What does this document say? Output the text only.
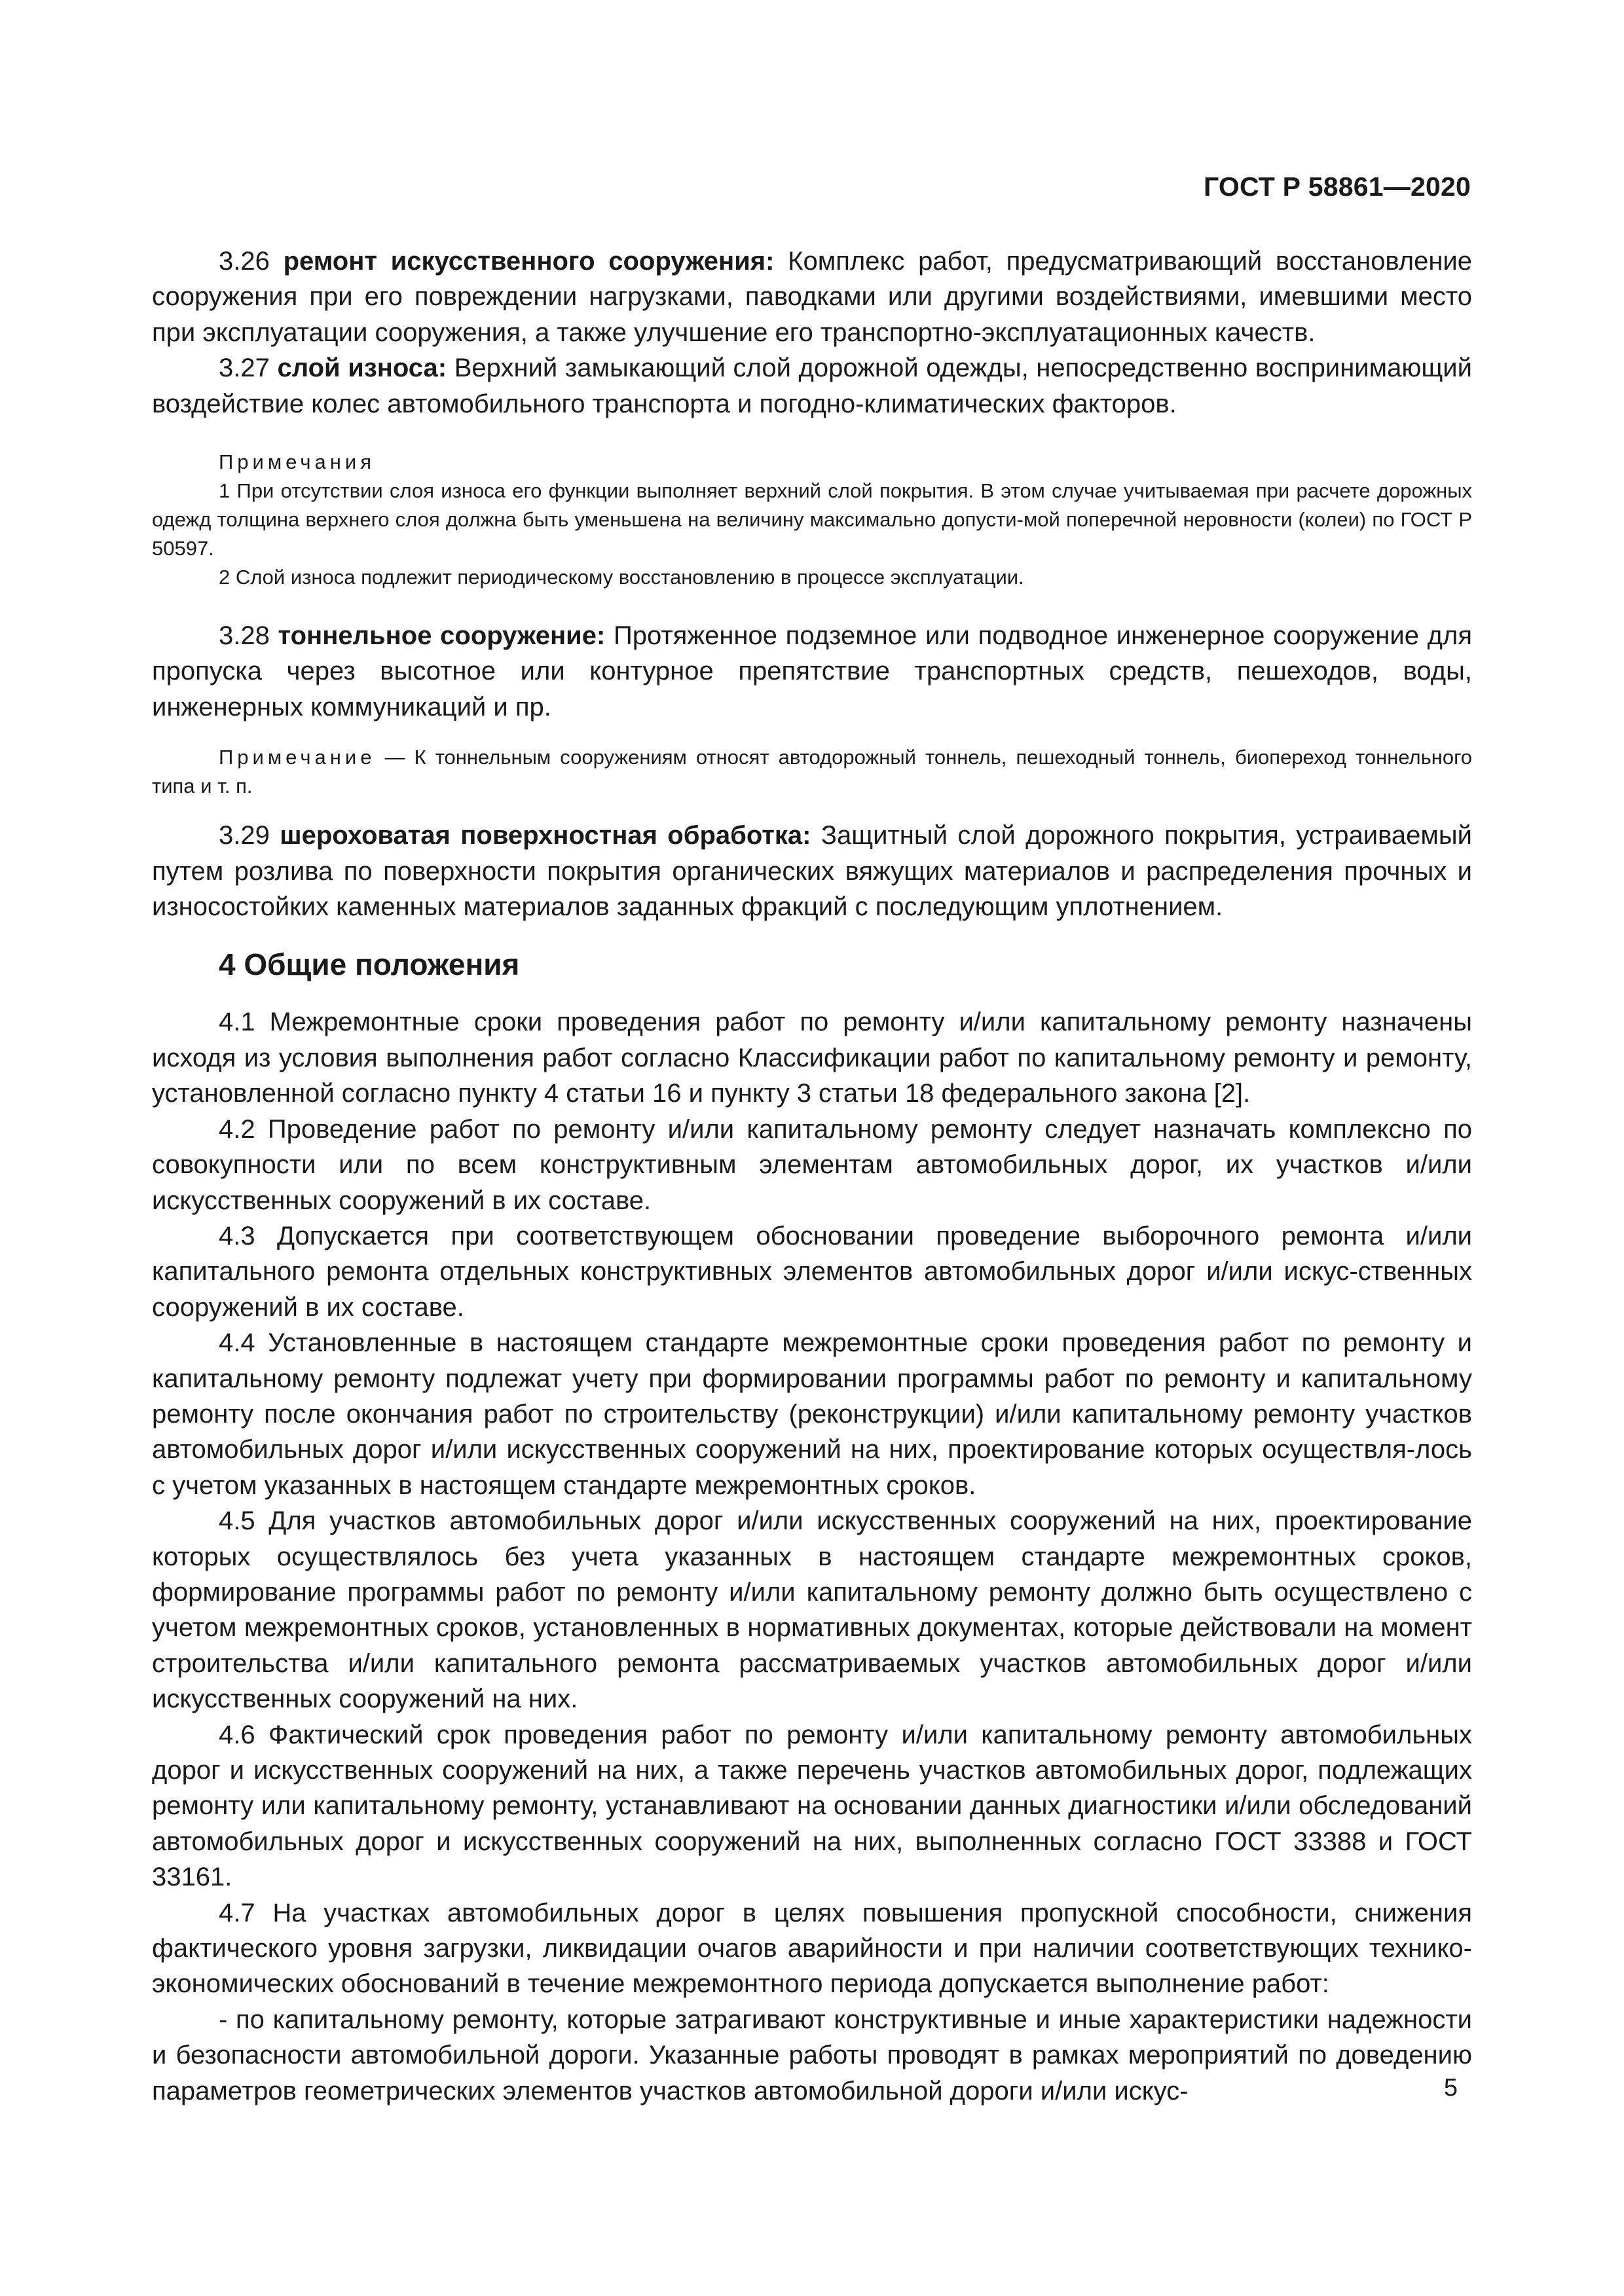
ГОСТ Р 58861—2020

3.26 ремонт искусственного сооружения: Комплекс работ, предусматривающий восстановление сооружения при его повреждении нагрузками, паводками или другими воздействиями, имевшими место при эксплуатации сооружения, а также улучшение его транспортно-эксплуатационных качеств.

3.27 слой износа: Верхний замыкающий слой дорожной одежды, непосредственно воспринимающий воздействие колес автомобильного транспорта и погодно-климатических факторов.

Примечания

1 При отсутствии слоя износа его функции выполняет верхний слой покрытия. В этом случае учитываемая при расчете дорожных одежд толщина верхнего слоя должна быть уменьшена на величину максимально допусти-мой поперечной неровности (колеи) по ГОСТ Р 50597.

2 Слой износа подлежит периодическому восстановлению в процессе эксплуатации.

3.28 тоннельное сооружение: Протяженное подземное или подводное инженерное сооружение для пропуска через высотное или контурное препятствие транспортных средств, пешеходов, воды, инженерных коммуникаций и пр.

Примечание — К тоннельным сооружениям относят автодорожный тоннель, пешеходный тоннель, биопереход тоннельного типа и т. п.

3.29 шероховатая поверхностная обработка: Защитный слой дорожного покрытия, устраиваемый путем розлива по поверхности покрытия органических вяжущих материалов и распределения прочных и износостойких каменных материалов заданных фракций с последующим уплотнением.

4 Общие положения

4.1 Межремонтные сроки проведения работ по ремонту и/или капитальному ремонту назначены исходя из условия выполнения работ согласно Классификации работ по капитальному ремонту и ремонту, установленной согласно пункту 4 статьи 16 и пункту 3 статьи 18 федерального закона [2].

4.2 Проведение работ по ремонту и/или капитальному ремонту следует назначать комплексно по совокупности или по всем конструктивным элементам автомобильных дорог, их участков и/или искусственных сооружений в их составе.

4.3 Допускается при соответствующем обосновании проведение выборочного ремонта и/или капитального ремонта отдельных конструктивных элементов автомобильных дорог и/или искус-ственных сооружений в их составе.

4.4 Установленные в настоящем стандарте межремонтные сроки проведения работ по ремонту и капитальному ремонту подлежат учету при формировании программы работ по ремонту и капитальному ремонту после окончания работ по строительству (реконструкции) и/или капитальному ремонту участков автомобильных дорог и/или искусственных сооружений на них, проектирование которых осуществля-лось с учетом указанных в настоящем стандарте межремонтных сроков.

4.5 Для участков автомобильных дорог и/или искусственных сооружений на них, проектирование которых осуществлялось без учета указанных в настоящем стандарте межремонтных сроков, формирование программы работ по ремонту и/или капитальному ремонту должно быть осуществлено с учетом межремонтных сроков, установленных в нормативных документах, которые действовали на момент строительства и/или капитального ремонта рассматриваемых участков автомобильных дорог и/или искусственных сооружений на них.

4.6 Фактический срок проведения работ по ремонту и/или капитальному ремонту автомобильных дорог и искусственных сооружений на них, а также перечень участков автомобильных дорог, подлежащих ремонту или капитальному ремонту, устанавливают на основании данных диагностики и/или обследований автомобильных дорог и искусственных сооружений на них, выполненных согласно ГОСТ 33388 и ГОСТ 33161.

4.7 На участках автомобильных дорог в целях повышения пропускной способности, снижения фактического уровня загрузки, ликвидации очагов аварийности и при наличии соответствующих технико-экономических обоснований в течение межремонтного периода допускается выполнение работ:

- по капитальному ремонту, которые затрагивают конструктивные и иные характеристики надежности и безопасности автомобильной дороги. Указанные работы проводят в рамках мероприятий по доведению параметров геометрических элементов участков автомобильной дороги и/или искус-	5
